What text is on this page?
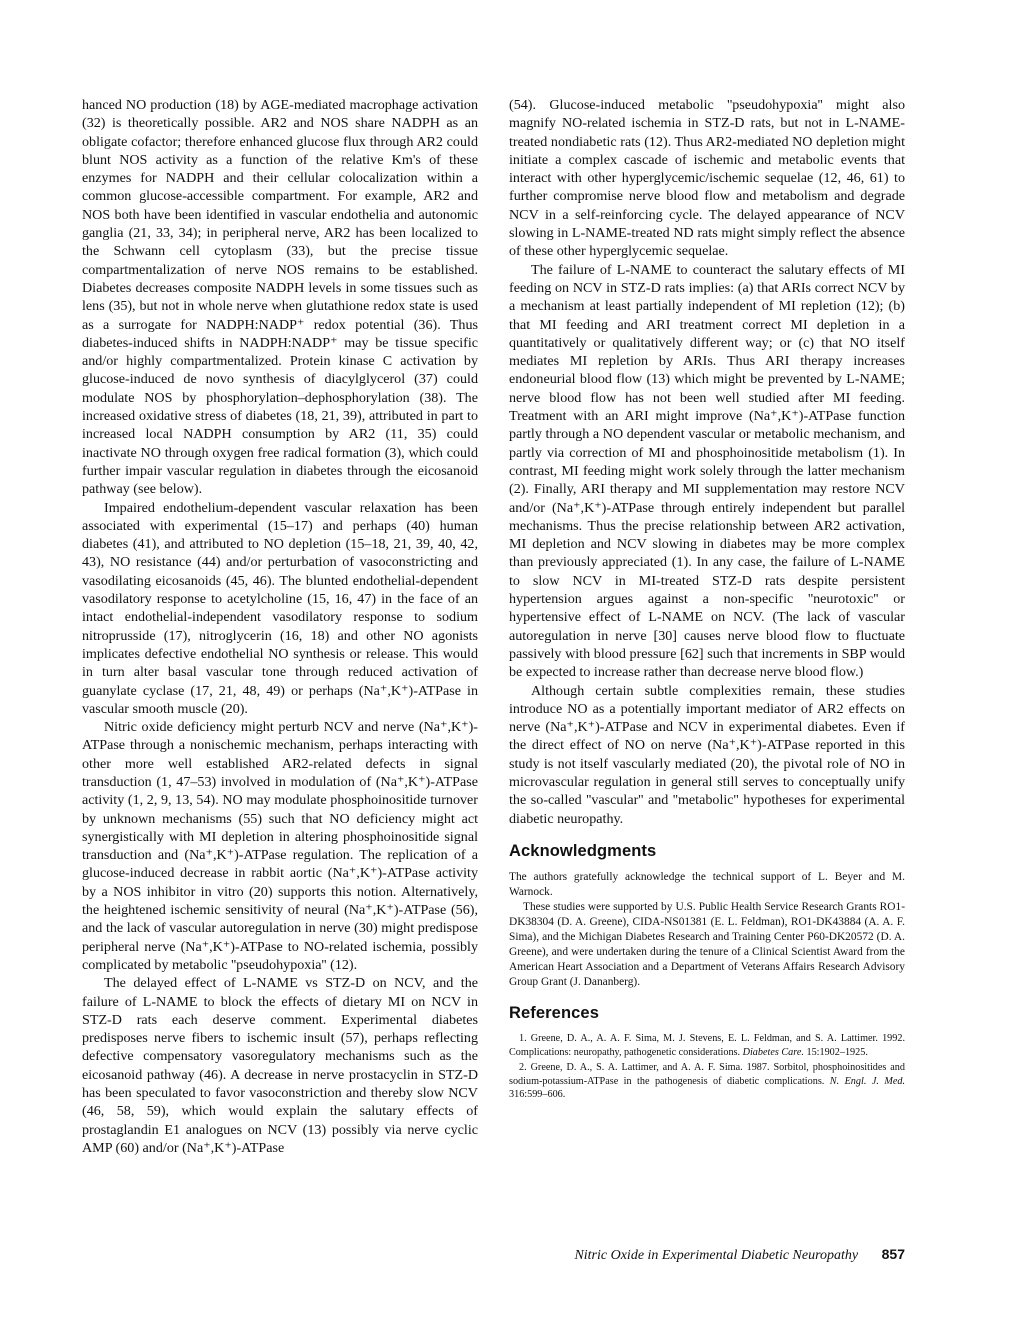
hanced NO production (18) by AGE-mediated macrophage activation (32) is theoretically possible. AR2 and NOS share NADPH as an obligate cofactor; therefore enhanced glucose flux through AR2 could blunt NOS activity as a function of the relative Km's of these enzymes for NADPH and their cellular colocalization within a common glucose-accessible compartment. For example, AR2 and NOS both have been identified in vascular endothelia and autonomic ganglia (21, 33, 34); in peripheral nerve, AR2 has been localized to the Schwann cell cytoplasm (33), but the precise tissue compartmentalization of nerve NOS remains to be established. Diabetes decreases composite NADPH levels in some tissues such as lens (35), but not in whole nerve when glutathione redox state is used as a surrogate for NADPH:NADP⁺ redox potential (36). Thus diabetes-induced shifts in NADPH:NADP⁺ may be tissue specific and/or highly compartmentalized. Protein kinase C activation by glucose-induced de novo synthesis of diacylglycerol (37) could modulate NOS by phosphorylation–dephosphorylation (38). The increased oxidative stress of diabetes (18, 21, 39), attributed in part to increased local NADPH consumption by AR2 (11, 35) could inactivate NO through oxygen free radical formation (3), which could further impair vascular regulation in diabetes through the eicosanoid pathway (see below).

Impaired endothelium-dependent vascular relaxation has been associated with experimental (15–17) and perhaps (40) human diabetes (41), and attributed to NO depletion (15–18, 21, 39, 40, 42, 43), NO resistance (44) and/or perturbation of vasoconstricting and vasodilating eicosanoids (45, 46). The blunted endothelial-dependent vasodilatory response to acetylcholine (15, 16, 47) in the face of an intact endothelial-independent vasodilatory response to sodium nitroprusside (17), nitroglycerin (16, 18) and other NO agonists implicates defective endothelial NO synthesis or release. This would in turn alter basal vascular tone through reduced activation of guanylate cyclase (17, 21, 48, 49) or perhaps (Na⁺,K⁺)-ATPase in vascular smooth muscle (20).

Nitric oxide deficiency might perturb NCV and nerve (Na⁺,K⁺)-ATPase through a nonischemic mechanism, perhaps interacting with other more well established AR2-related defects in signal transduction (1, 47–53) involved in modulation of (Na⁺,K⁺)-ATPase activity (1, 2, 9, 13, 54). NO may modulate phosphoinositide turnover by unknown mechanisms (55) such that NO deficiency might act synergistically with MI depletion in altering phosphoinositide signal transduction and (Na⁺,K⁺)-ATPase regulation. The replication of a glucose-induced decrease in rabbit aortic (Na⁺,K⁺)-ATPase activity by a NOS inhibitor in vitro (20) supports this notion. Alternatively, the heightened ischemic sensitivity of neural (Na⁺,K⁺)-ATPase (56), and the lack of vascular autoregulation in nerve (30) might predispose peripheral nerve (Na⁺,K⁺)-ATPase to NO-related ischemia, possibly complicated by metabolic ''pseudohypoxia'' (12).

The delayed effect of L-NAME vs STZ-D on NCV, and the failure of L-NAME to block the effects of dietary MI on NCV in STZ-D rats each deserve comment. Experimental diabetes predisposes nerve fibers to ischemic insult (57), perhaps reflecting defective compensatory vasoregulatory mechanisms such as the eicosanoid pathway (46). A decrease in nerve prostacyclin in STZ-D has been speculated to favor vasoconstriction and thereby slow NCV (46, 58, 59), which would explain the salutary effects of prostaglandin E1 analogues on NCV (13) possibly via nerve cyclic AMP (60) and/or (Na⁺,K⁺)-ATPase

(54). Glucose-induced metabolic ''pseudohypoxia'' might also magnify NO-related ischemia in STZ-D rats, but not in L-NAME-treated nondiabetic rats (12). Thus AR2-mediated NO depletion might initiate a complex cascade of ischemic and metabolic events that interact with other hyperglycemic/ischemic sequelae (12, 46, 61) to further compromise nerve blood flow and metabolism and degrade NCV in a self-reinforcing cycle. The delayed appearance of NCV slowing in L-NAME-treated ND rats might simply reflect the absence of these other hyperglycemic sequelae.

The failure of L-NAME to counteract the salutary effects of MI feeding on NCV in STZ-D rats implies: (a) that ARIs correct NCV by a mechanism at least partially independent of MI repletion (12); (b) that MI feeding and ARI treatment correct MI depletion in a quantitatively or qualitatively different way; or (c) that NO itself mediates MI repletion by ARIs. Thus ARI therapy increases endoneurial blood flow (13) which might be prevented by L-NAME; nerve blood flow has not been well studied after MI feeding. Treatment with an ARI might improve (Na⁺,K⁺)-ATPase function partly through a NO dependent vascular or metabolic mechanism, and partly via correction of MI and phosphoinositide metabolism (1). In contrast, MI feeding might work solely through the latter mechanism (2). Finally, ARI therapy and MI supplementation may restore NCV and/or (Na⁺,K⁺)-ATPase through entirely independent but parallel mechanisms. Thus the precise relationship between AR2 activation, MI depletion and NCV slowing in diabetes may be more complex than previously appreciated (1). In any case, the failure of L-NAME to slow NCV in MI-treated STZ-D rats despite persistent hypertension argues against a non-specific ''neurotoxic'' or hypertensive effect of L-NAME on NCV. (The lack of vascular autoregulation in nerve [30] causes nerve blood flow to fluctuate passively with blood pressure [62] such that increments in SBP would be expected to increase rather than decrease nerve blood flow.)

Although certain subtle complexities remain, these studies introduce NO as a potentially important mediator of AR2 effects on nerve (Na⁺,K⁺)-ATPase and NCV in experimental diabetes. Even if the direct effect of NO on nerve (Na⁺,K⁺)-ATPase reported in this study is not itself vascularly mediated (20), the pivotal role of NO in microvascular regulation in general still serves to conceptually unify the so-called ''vascular'' and ''metabolic'' hypotheses for experimental diabetic neuropathy.

Acknowledgments

The authors gratefully acknowledge the technical support of L. Beyer and M. Warnock.

These studies were supported by U.S. Public Health Service Research Grants RO1-DK38304 (D. A. Greene), CIDA-NS01381 (E. L. Feldman), RO1-DK43884 (A. A. F. Sima), and the Michigan Diabetes Research and Training Center P60-DK20572 (D. A. Greene), and were undertaken during the tenure of a Clinical Scientist Award from the American Heart Association and a Department of Veterans Affairs Research Advisory Group Grant (J. Dananberg).

References

1. Greene, D. A., A. A. F. Sima, M. J. Stevens, E. L. Feldman, and S. A. Lattimer. 1992. Complications: neuropathy, pathogenetic considerations. Diabetes Care. 15:1902–1925.

2. Greene, D. A., S. A. Lattimer, and A. A. F. Sima. 1987. Sorbitol, phosphoinositides and sodium-potassium-ATPase in the pathogenesis of diabetic complications. N. Engl. J. Med. 316:599–606.

Nitric Oxide in Experimental Diabetic Neuropathy 857
